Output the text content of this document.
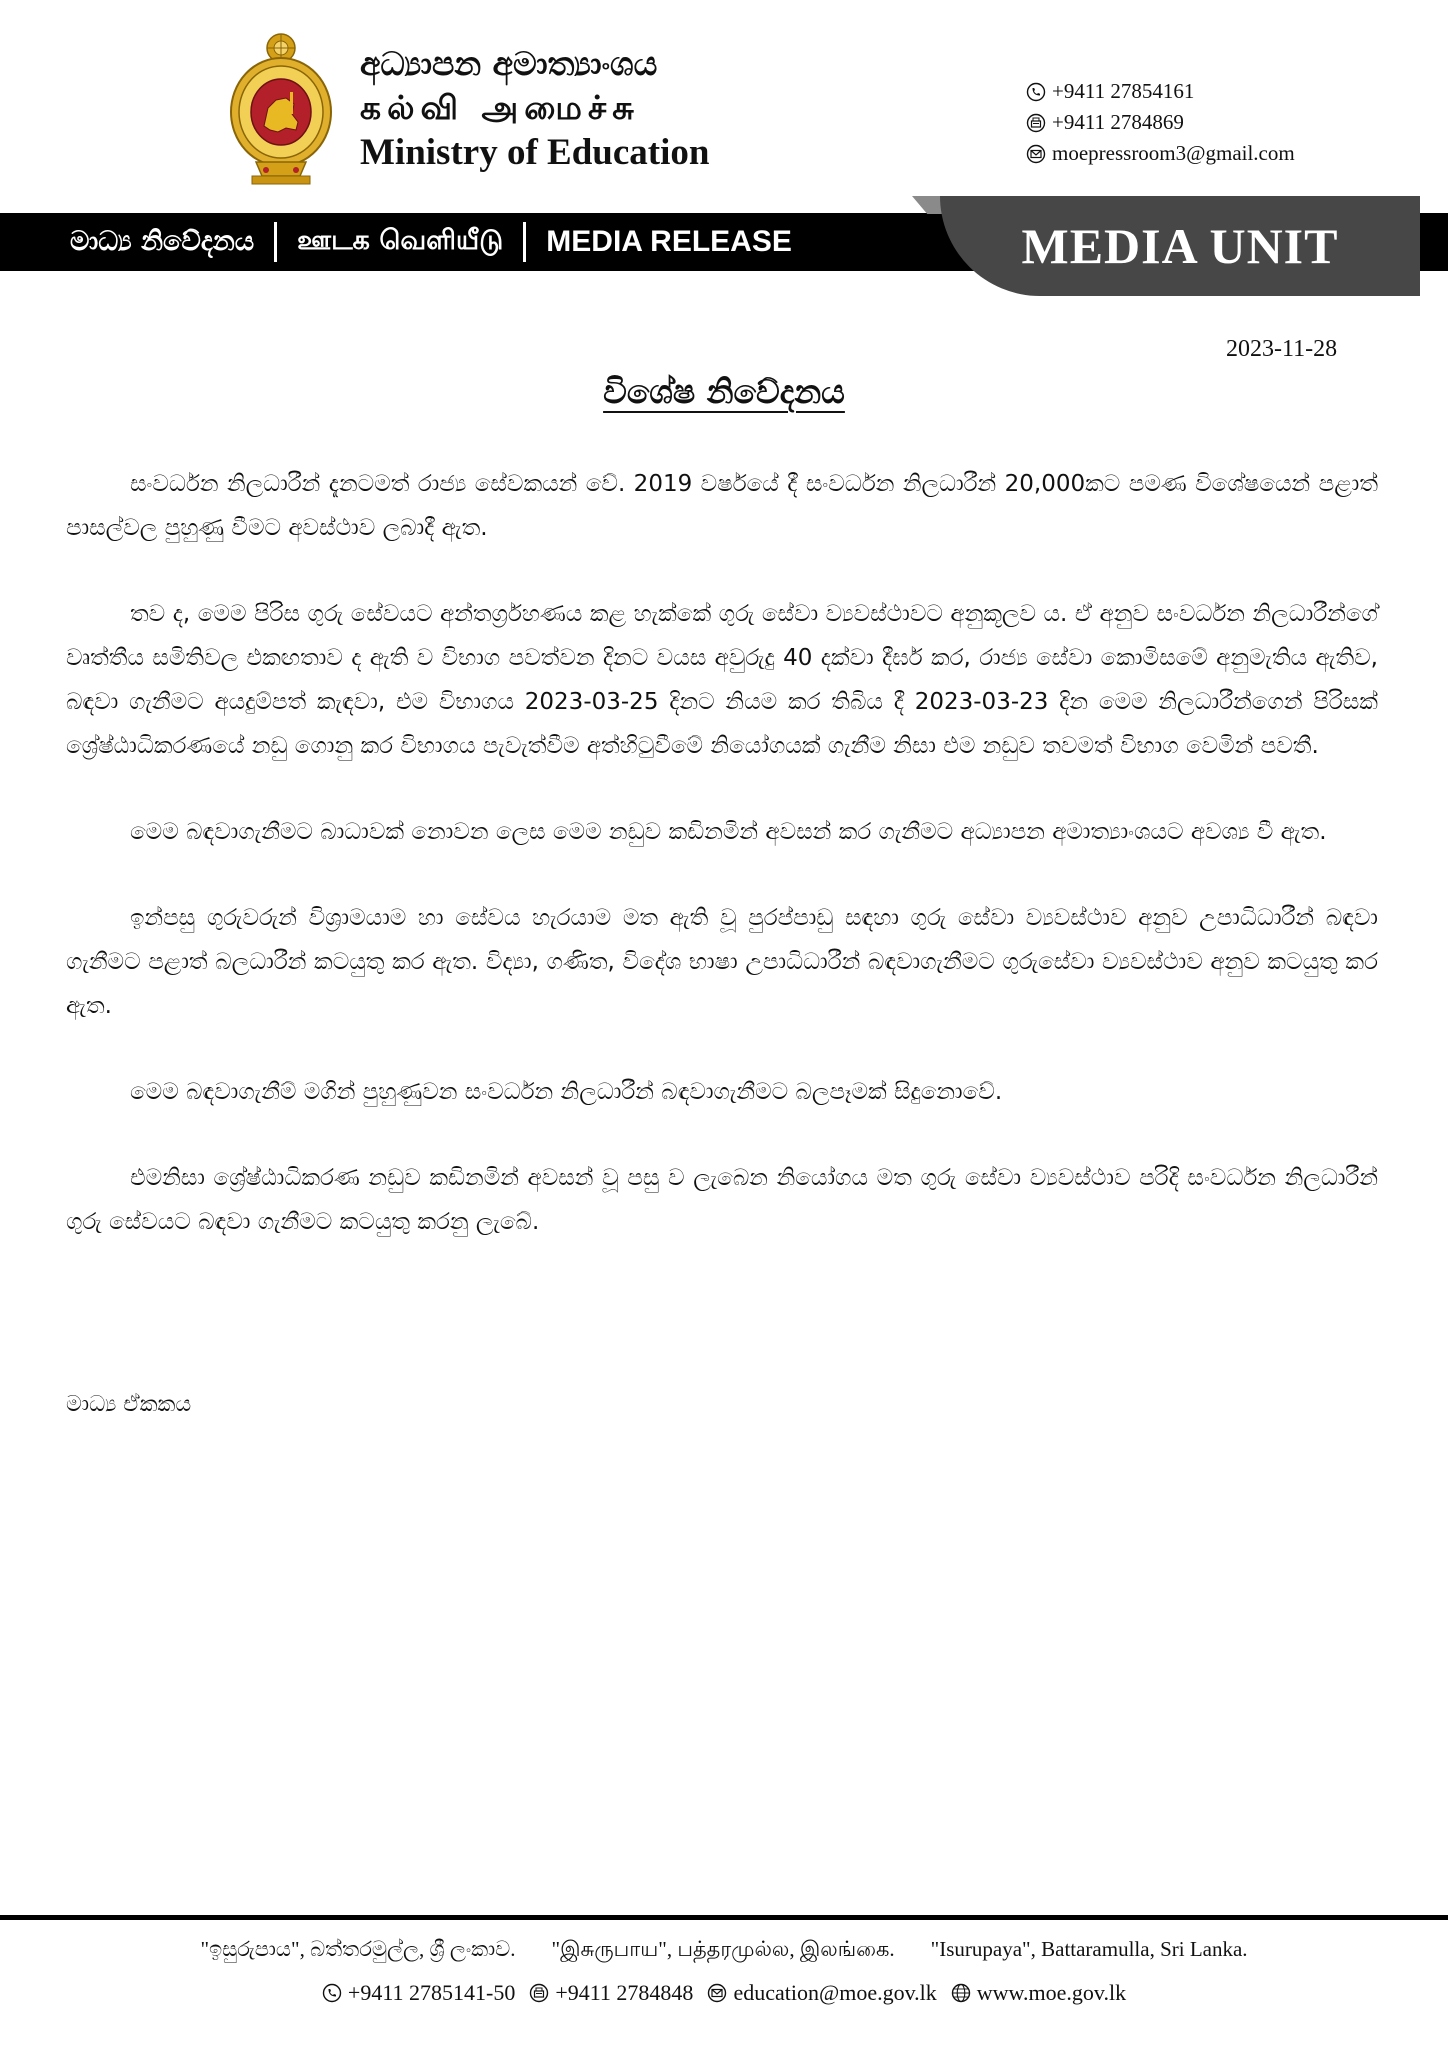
අධ්‍යාපන අමාත්‍යාංශය
கல்வி அமைச்சு
Ministry of Education
+9411 27854161
+9411 2784869
moepressroom3@gmail.com
මාධ්‍ය නිවේදනය ஊடக வெளியீடு MEDIA RELEASE	MEDIA UNIT
2023-11-28
විශේෂ නිවේදනය

සංවර්ධන නිලධාරීන් දැනටමත් රාජ්‍ය සේවකයන් වේ. 2019 වර්ෂයේ දී සංවර්ධන නිලධාරීන් 20,000කට පමණ විශේෂයෙන් පළාත් පාසල්වල පුහුණු වීමට අවස්ථාව ලබාදී ඇත.

තව ද, මෙම පිරිස ගුරු සේවයට අන්තර්ග්‍රහණය කළ හැක්කේ ගුරු සේවා ව්‍යවස්ථාවට අනුකූලව ය. ඒ අනුව සංවර්ධන නිලධාරීන්ගේ වෘත්තීය සමිතිවල එකඟතාව ද ඇති ව විභාග පවත්වන දිනට වයස අවුරුදු 40 දක්වා දීර්ඝ කර, රාජ්‍ය සේවා කොමිසමේ අනුමැතිය ඇතිව, බඳවා ගැනීමට අයදුම්පත් කැඳවා, එම විභාගය 2023-03-25 දිනට නියම කර තිබිය දී 2023-03-23 දින මෙම නිලධාරීන්ගෙන් පිරිසක් ශ්‍රේෂ්ඨාධිකරණයේ නඩු ගොනු කර විභාගය පැවැත්වීම අත්හිටුවීමේ නියෝගයක් ගැනීම නිසා එම නඩුව තවමත් විභාග වෙමින් පවතී.

මෙම බඳවාගැනීමට බාධාවක් නොවන ලෙස මෙම නඩුව කඩිනමින් අවසන් කර ගැනීමට අධ්‍යාපන අමාත්‍යාංශයට අවශ්‍ය වී ඇත.

ඉන්පසු ගුරුවරුන් විශ්‍රාමයාම හා සේවය හැරයාම මත ඇති වූ පුරප්පාඩු සඳහා ගුරු සේවා ව්‍යවස්ථාව අනුව උපාධිධාරීන් බඳවා ගැනීමට පළාත් බලධාරීන් කටයුතු කර ඇත. විද්‍යා, ගණිත, විදේශ භාෂා උපාධිධාරීන් බඳවාගැනීමට ගුරුසේවා ව්‍යවස්ථාව අනුව කටයුතු කර ඇත.

මෙම බඳවාගැනීම් මගින් පුහුණුවන සංවර්ධන නිලධාරීන් බඳවාගැනීමට බලපෑමක් සිදුනොවේ.

එමනිසා ශ්‍රේෂ්ඨාධිකරණ නඩුව කඩිනමින් අවසන් වූ පසු ව ලැබෙන නියෝගය මත ගුරු සේවා ව්‍යවස්ථාව පරිදි සංවර්ධන නිලධාරීන් ගුරු සේවයට බඳවා ගැනීමට කටයුතු කරනු ලැබේ.

මාධ්‍ය ඒකකය
"ඉසුරුපාය", බත්තරමුල්ල, ශ්‍රී ලංකාව. "இசுருபாய", பத்தரமுல்ல, இலங்கை. "Isurupaya", Battaramulla, Sri Lanka.
+9411 2785141-50 +9411 2784848 education@moe.gov.lk www.moe.gov.lk
